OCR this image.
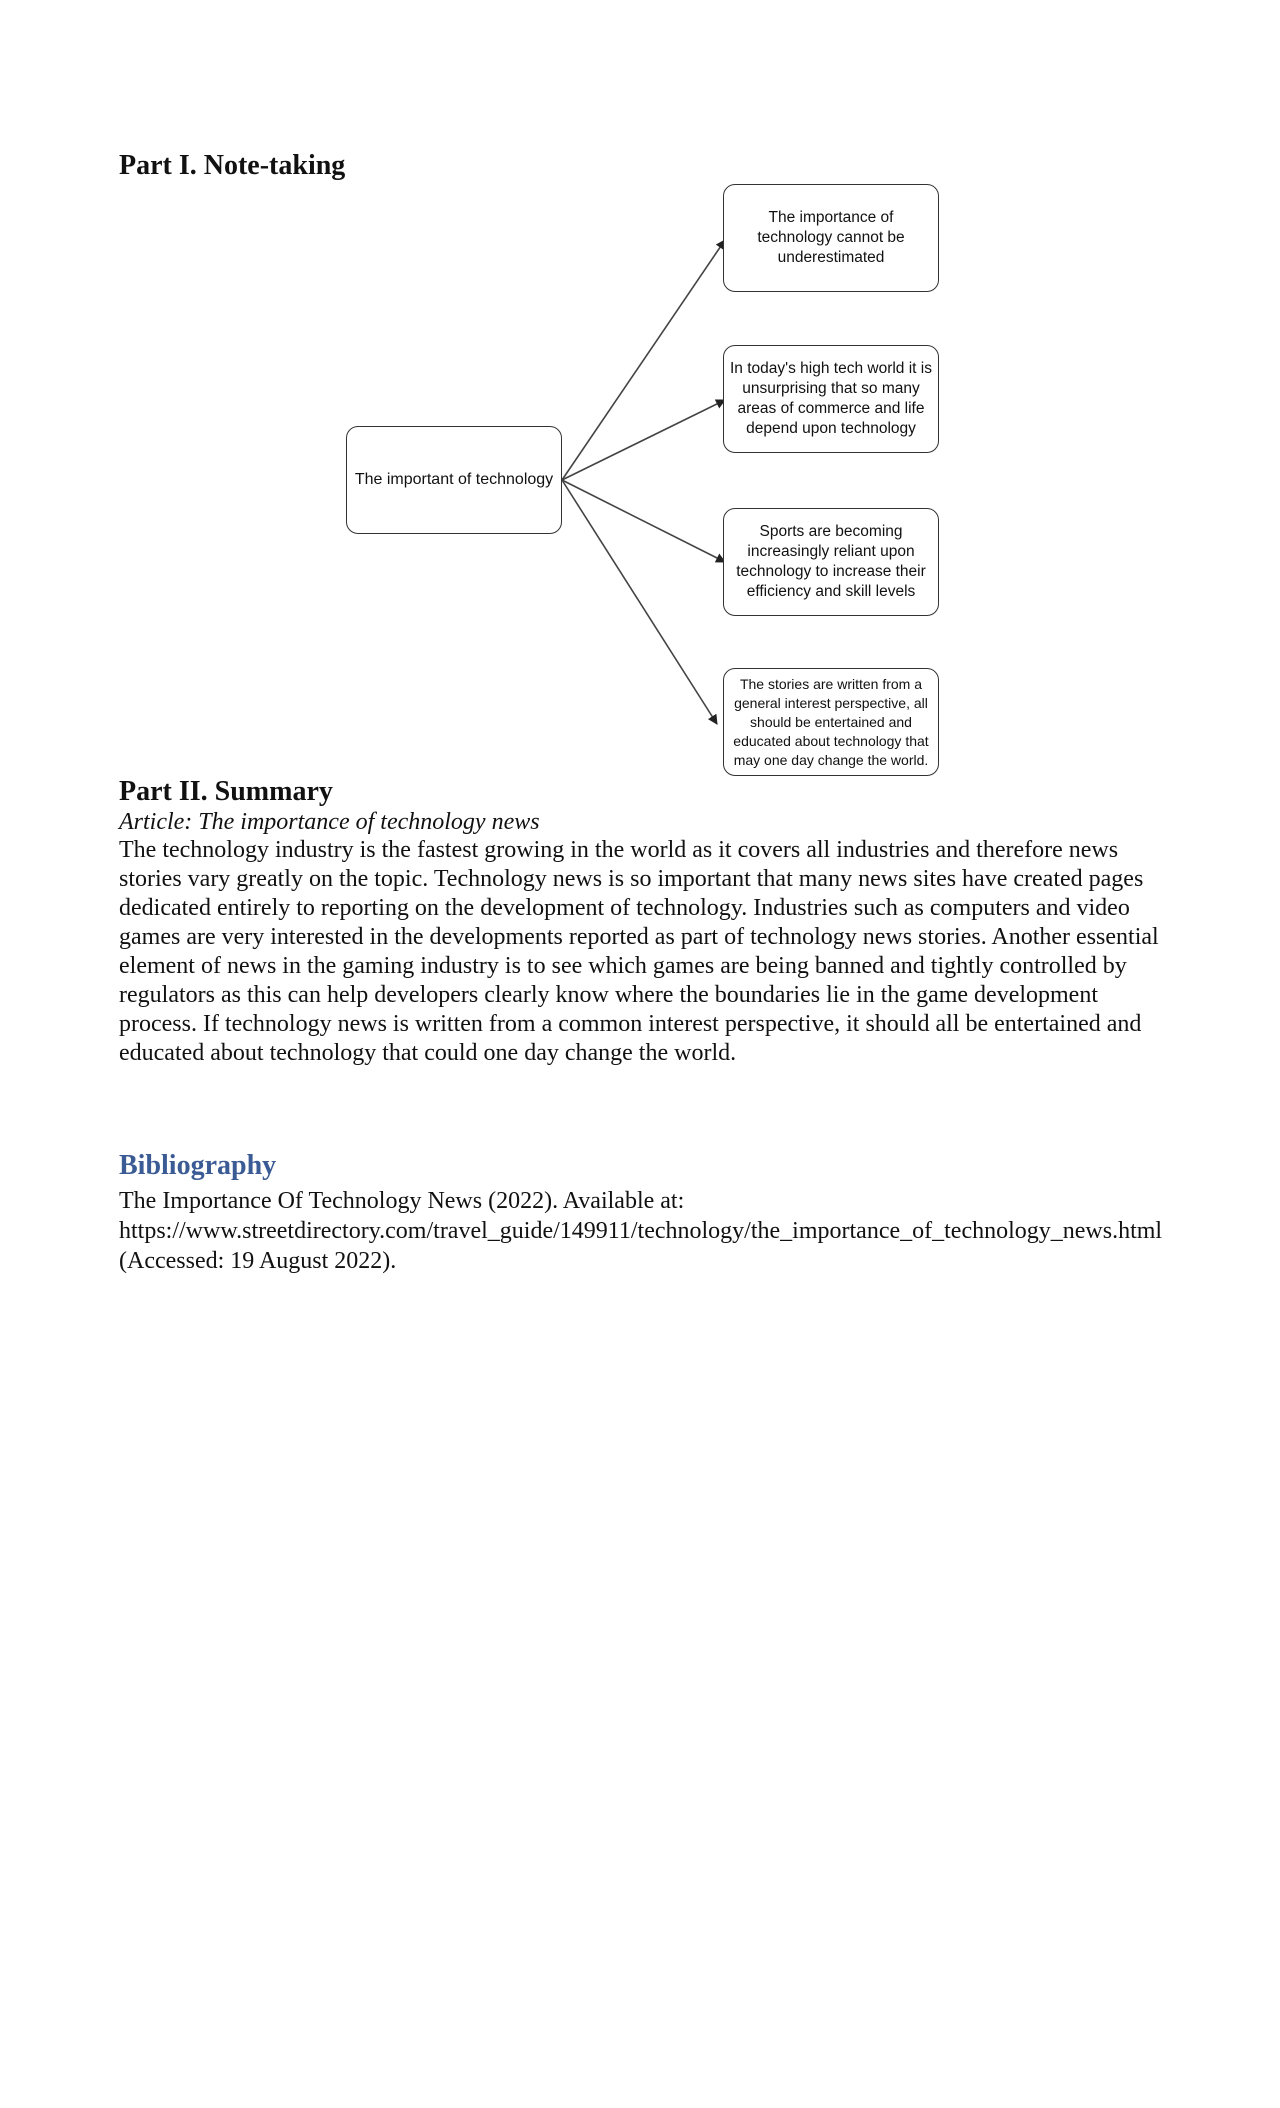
Part I. Note-taking
The important of technology
The importance of
technology cannot be
underestimated
In today's high tech world it is
unsurprising that so many
areas of commerce and life
depend upon technology
Sports are becoming
increasingly reliant upon
technology to increase their
efficiency and skill levels
The stories are written from a
general interest perspective, all
should be entertained and
educated about technology that
may one day change the world.
Part II. Summary

Article: The importance of technology news

The technology industry is the fastest growing in the world as it covers all industries and therefore news stories vary greatly on the topic. Technology news is so important that many news sites have created pages dedicated entirely to reporting on the development of technology. Industries such as computers and video games are very interested in the developments reported as part of technology news stories. Another essential element of news in the gaming industry is to see which games are being banned and tightly controlled by regulators as this can help developers clearly know where the boundaries lie in the game development process. If technology news is written from a common interest perspective, it should all be entertained and educated about technology that could one day change the world.

Bibliography

The Importance Of Technology News (2022). Available at:
https://www.streetdirectory.com/travel_guide/149911/technology/the_importance_of_technology_news.html (Accessed: 19 August 2022).
